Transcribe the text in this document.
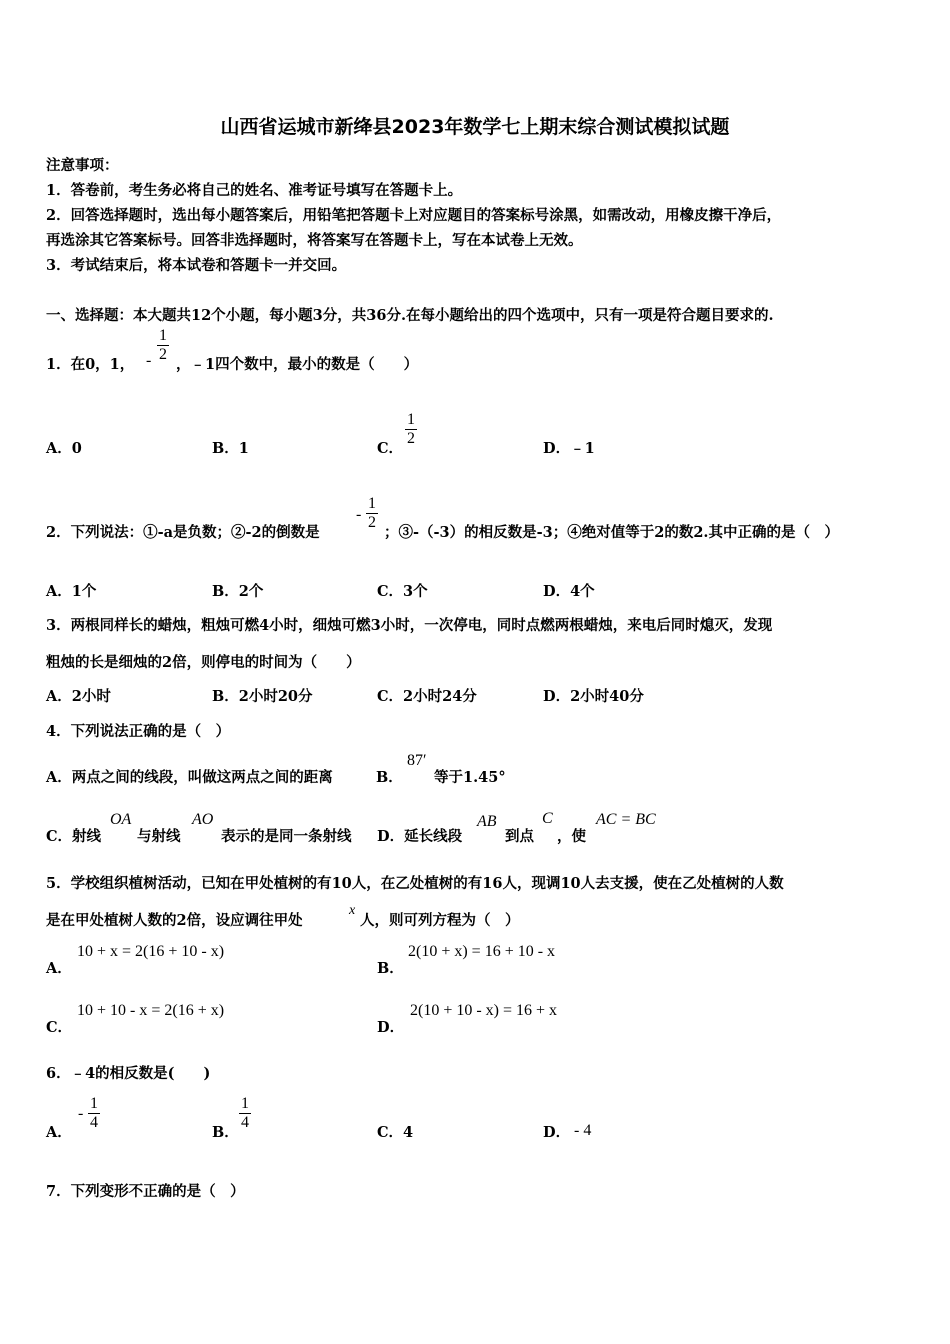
山西省运城市新绛县2023年数学七上期末综合测试模拟试题
注意事项：
1．答卷前，考生务必将自己的姓名、准考证号填写在答题卡上。
2．回答选择题时，选出每小题答案后，用铅笔把答题卡上对应题目的答案标号涂黑，如需改动，用橡皮擦干净后，
再选涂其它答案标号。回答非选择题时，将答案写在答题卡上，写在本试卷上无效。
3．考试结束后，将本试卷和答题卡一并交回。
一、选择题：本大题共12个小题，每小题3分，共36分.在每小题给出的四个选项中，只有一项是符合题目要求的.
1．在0，1， -
1
2
，﹣1四个数中，最小的数是（　　）
A．0	B．1	C．
1
2
D．﹣1
2．下列说法：①-a是负数；②-2的倒数是
-
1
2
；③-（-3）的相反数是-3；④绝对值等于2的数2.其中正确的是（　）
A．1个	B．2个	C．3个	D．4个
3．两根同样长的蜡烛，粗烛可燃4小时，细烛可燃3小时，一次停电，同时点燃两根蜡烛，来电后同时熄灭，发现
粗烛的长是细烛的2倍，则停电的时间为（　　）
A．2小时	B．2小时20分	C．2小时24分	D．2小时40分
4．下列说法正确的是（　）
A．两点之间的线段，叫做这两点之间的距离	B．
87′
等于1.45°
C．射线
OA
与射线
AO
表示的是同一条射线 D．延长线段
AB
到点
C
，使
AC = BC
5．学校组织植树活动，已知在甲处植树的有10人，在乙处植树的有16人，现调10人去支援，使在乙处植树的人数
是在甲处植树人数的2倍，设应调往甲处
x
人，则可列方程为（　）
A．
10 + x = 2(16 + 10 - x)
B．
2(10 + x) = 16 + 10 - x
C．
10 + 10 - x = 2(16 + x)
D．
2(10 + 10 - x) = 16 + x
6．﹣4的相反数是(　　)
A．
-
1
4
B．
1
4
C．4	D． - 4
7．下列变形不正确的是（　）
